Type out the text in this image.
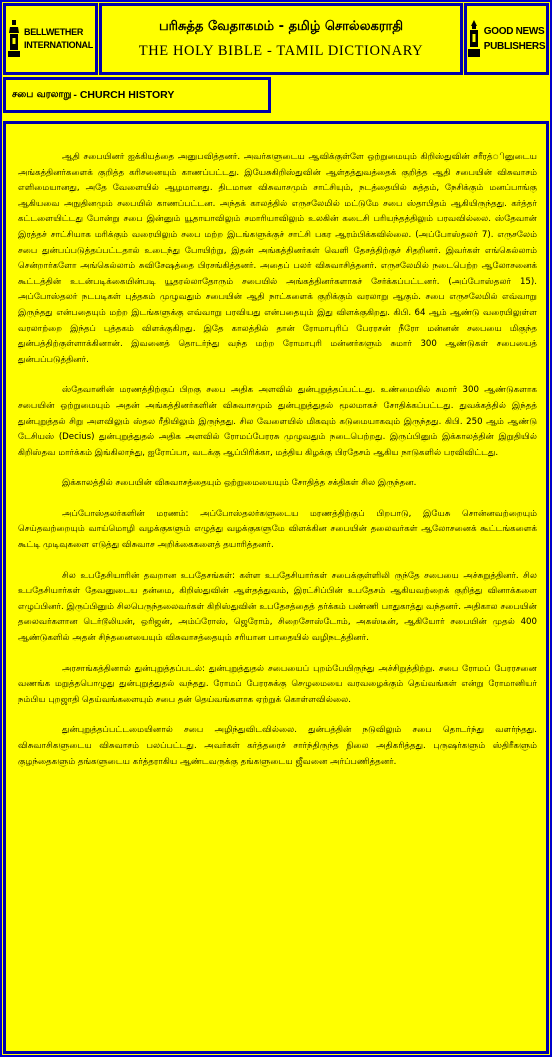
BELLWETHER
INTERNATIONAL
பரிசுத்த வேதாகமம் - தமிழ் சொல்லகராதி
THE HOLY BIBLE - TAMIL DICTIONARY
GOOD NEWS
PUBLISHERS
சபை வரலாறு - CHURCH HISTORY

ஆதி சபையினர் ஐக்கியத்தை அனுபவித்தனர். அவர்களுடைய ஆவிக்குள்ளே ஒற்றுமையும் கிறிஸ்துவின் சரீரத்ினுடைய அங்கத்தினர்களைக் குறித்த கரிசனையும் காணப்பட்டது. இயேசுகிறிஸ்துவின் ஆள்தத்துவத்தைக் குறித்த ஆதி சபையின் விசுவாசம் எளிமையானது, அதே வேளையில் ஆழமானது. திடமான விசுவாசமும் சாட்சியும், நடத்தையில் சுத்தம், நேசிக்கும் மனப்பாங்கு ஆகியவை அநுதினமும் சபையில் காணப்பட்டன. அந்தக் காலத்தில் எருசலேமில் மட்டுமே சபை ஸ்தாபிதம் ஆகியிருந்தது. கர்த்தர் கட்டளையிட்டது போன்று சபை இன்னும் யூதாயாவிலும் சமாரியாவிலும் உலகின் கடைசி பரியந்தத்திலும் பரவவில்லை. ஸ்தேவான் இரத்தச் சாட்சியாக மரிக்கும் வரையிலும் சபை மற்ற இடங்களுக்குச் சாட்சி பகர ஆரம்பிக்கவில்லை. (அப்போஸ்தலர் 7). எருசலேம் சபை துன்பப்படுத்தப்பட்டதால் உடைந்து போயிற்று, இதன் அங்கத்தினர்கள் வெளி தேசத்திற்குச் சிதறினர். இவர்கள் எங்கெல்லாம் சென்றார்களோ அங்கெல்லாம் சுவிசேஷத்தை பிரசங்கித்தனர். அதைப் பலர் விசுவாசித்தனர். எருசலேமில் நடைபெற்ற ஆலோசனைக் கூட்டத்தின் உடன்படிக்கையின்படி யூதரல்லாதோரும் சபையில் அங்கத்தினர்களாகச் சேர்க்கப்பட்டனர். (அப்போஸ்தலர் 15). அப்போஸ்தலர் நடபடிகள் புத்தகம் முழுவதும் சபையின் ஆதி நாட்களைக் குறிக்கும் வரலாறு ஆகும். சபை எருசலேமில் எவ்வாறு இருந்தது என்பதையும் மற்ற இடங்களுக்கு எவ்வாறு பரவியது என்பதையும் இது விளக்குகிறது. கிபி. 64 ஆம் ஆண்டு வரையிலுள்ள வரலாற்றை இந்தப் புத்தகம் விளக்குகிறது. இதே காலத்தில் தான் ரோமாபுரிப் பேரரசன் நீரோ மன்னன் சபையை மிகுந்த துன்பத்திற்குள்ளாக்கினான். இவனைத் தொடர்ந்து வந்த மற்ற ரோமாபுரி மன்னர்களும் சுமார் 300 ஆண்டுகள் சபையைத் துன்பப்படுத்தினர்.

ஸ்தேவானின் மரணத்திற்குப் பிறகு சபை அதிக அளவில் துன்புறுத்தப்பட்டது. உண்மையில் சுமார் 300 ஆண்டுகளாக சபையின் ஒற்றுமையும் அதன் அங்கத்தினர்களின் விசுவாசமும் துன்புறுத்துதல் மூலமாகச் சோதிக்கப்பட்டது. துவக்கத்தில் இந்தத் துன்புறுத்தல் சிறு அளவிலும் ஸ்தல ரீதியிலும் இருந்தது. சில வேளையில் மிகவும் கடுமையாகவும் இருந்தது. கிபி. 250 ஆம் ஆண்டு டேசியஸ் (Decius) துன்புறுத்துதல் அதிக அளவில் ரோமப்பேரரசு முழுவதும் நடைபெற்றது. இருப்பினும் இக்காலத்தின் இறுதியில் கிறிஸ்தவ மார்க்கம் இங்கிலாந்து, ஐரோப்பா, வடக்கு ஆப்பிரிக்கா, மத்திய கிழக்கு பிரதேசம் ஆகிய நாடுகளில் பரவிவிட்டது.

இக்காலத்தில் சபையின் விசுவாசத்தையும் ஒற்றுமையையும் சோதித்த சக்திகள் சில இருந்தன.

அப்போஸ்தலர்களின் மரணம்: அப்போஸ்தலர்களுடைய மரணத்திற்குப் பிறபாடு, இயேசு சொன்னவற்றையும் செய்தவற்றையும் வாய்மொழி வழக்குகளும் எழுத்து வழக்குகளுமே விளக்கின சபையின் தலைவர்கள் ஆலோசனைக் கூட்டங்களைக் கூட்டி முடிவுகளை எடுத்து விசுவாச அறிக்கைகளைத் தயாரித்தனர்.

சில உபதேசியாரின் தவறான உபதேசங்கள்: கள்ள உபதேசியார்கள் சபைக்குள்ளிலி ருந்தே சபையை அச்சுறுத்தினர். சில உபதேசியார்கள் தேவனுடைய தன்மை, கிறிஸ்துவின் ஆள்தத்துவம், இரட்சிப்பின் உபதேசம் ஆகியவற்றைக் குறித்து வினாக்களை எழுப்பினர். இருப்பினும் சிலபெருந்தலைவர்கள் கிறிஸ்துவின் உபதேசத்தைத் தர்க்கம் பண்ணி பாதுகாத்து வந்தனர். அதிகால சபையின் தலைவர்களான டெர்டூலியன், ஒரிஜன், அம்ப்ரோஸ், ஜெரோம், சிறைசோஸ்டோம், அகஸ்டீன், ஆகியோர் சபையின் முதல் 400 ஆண்டுகளில் அதன் சிந்தனையையும் விசுவாசத்தையும் சரியான பாதையில் வழிநடத்தினர்.

அரசாங்கத்தினால் துன்புறுத்தப்படல்: துன்புறுத்துதல் சபையைப் புறம்பேயிருந்து அச்சிறுத்திற்று. சபை ரோமப் பேரரசனை வணங்க மறுத்தபொழுது துன்புறுத்துதல் வந்தது. ரோமப் பேரரசுக்கு செழுமையை வரவழைக்கும் தெய்வங்கள் என்று ரோமானியர் நம்பிய புறஜாதி தெய்வங்களையும் சபை தன் தெய்வங்களாக ஏற்றுக் கொள்ளவில்லை.

துன்புறுத்தப்பட்டமையினால் சபை அழிந்துவிடவில்லை. துன்பத்தின் நடுவிலும் சபை தொடர்ந்து வளர்ந்தது. விசுவாசிகளுடைய விசுவாசம் பலப்பட்டது. அவர்கள் கர்த்தரைச் சார்ந்திருந்த நிலை அதிகரித்தது. புருஷர்களும் ஸ்திரீகளும் குழந்தைகளும் தங்களுடைய கர்த்தராகிய ஆண்டவருக்கு தங்களுடைய ஜீவனை அர்ப்பணித்தனர்.
